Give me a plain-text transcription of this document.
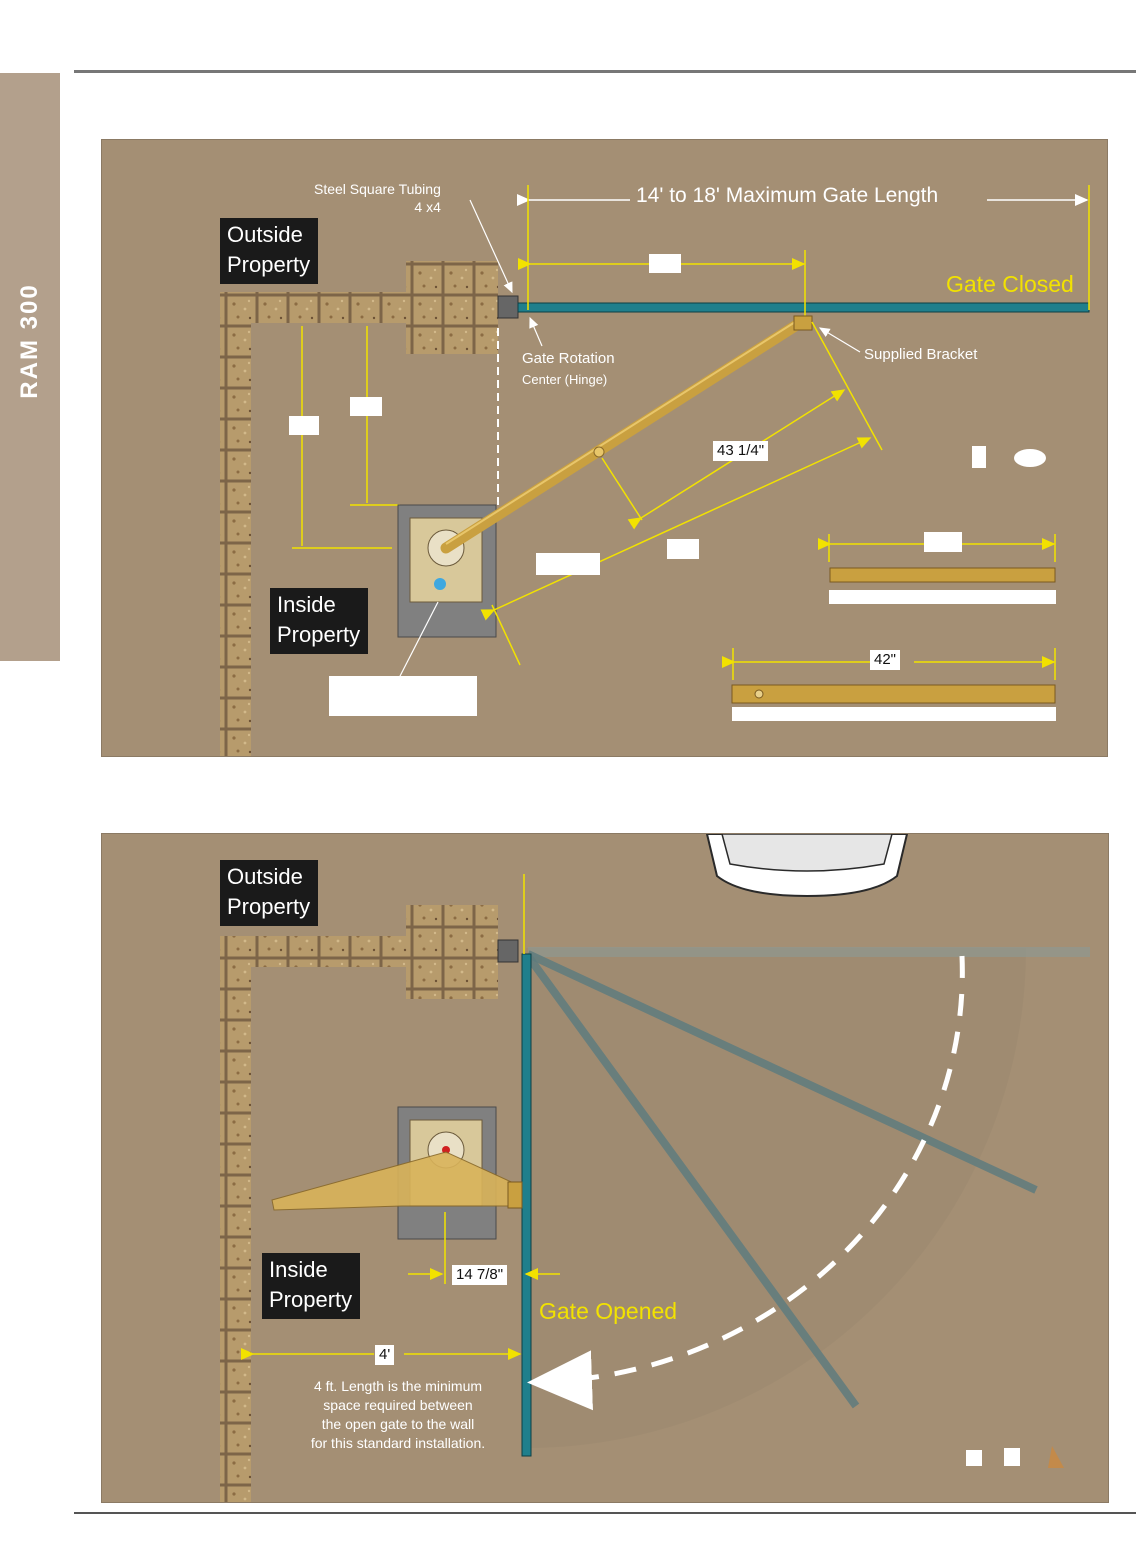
RAM 300
Outside
Property
Inside
Property
Steel Square Tubing
4 x4	14' to 18' Maximum Gate Length
Gate Closed
Gate Rotation
Center (Hinge)
Supplied Bracket
43 1/4"
42"
Outside
Property
Inside
Property
14 7/8"
Gate Opened
4'
4 ft. Length is the minimum
space required between
the open gate to the wall
for this standard installation.
